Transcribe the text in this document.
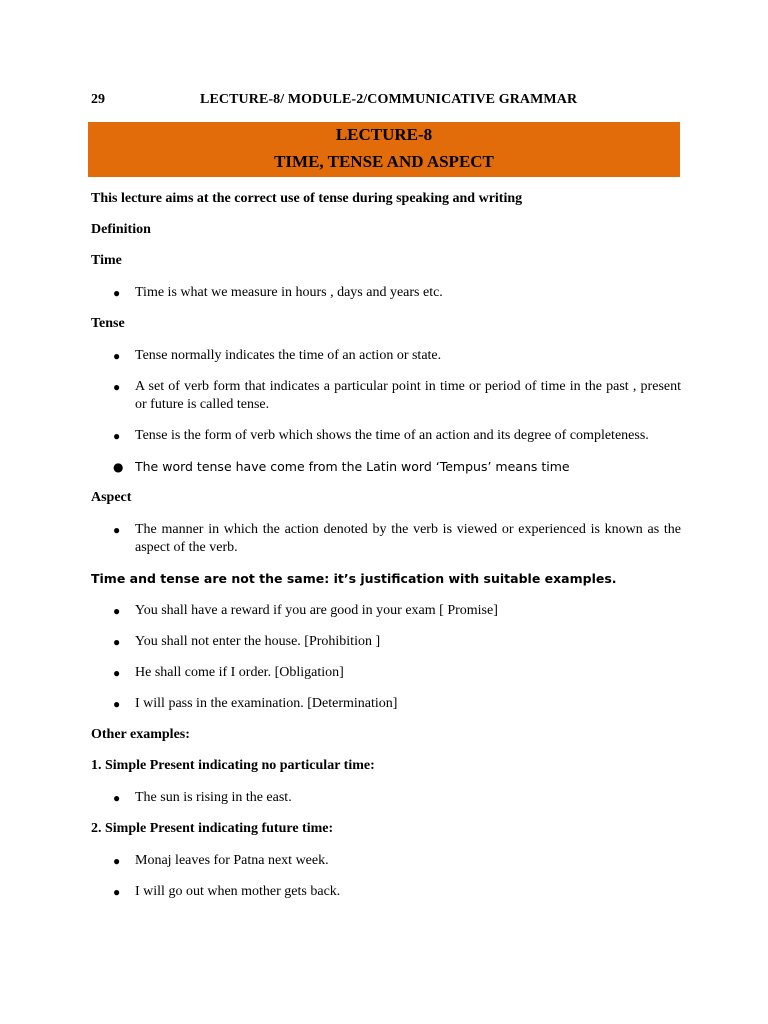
29	LECTURE-8/ MODULE-2/COMMUNICATIVE GRAMMAR
LECTURE-8
TIME, TENSE AND ASPECT

This lecture aims at the correct use of tense during speaking and writing

Definition

Time

● Time is what we measure in hours , days and years etc.

Tense

● Tense normally indicates the time of an action or state.
● A set of verb form that indicates a particular point in time or period of time in the past , present or future is called tense.
● Tense is the form of verb which shows the time of an action and its degree of completeness.
● The word tense have come from the Latin word ‘Tempus’ means time

Aspect

● The manner in which the action denoted by the verb is viewed or experienced is known as the aspect of the verb.

Time and tense are not the same: it’s justification with suitable examples.

● You shall have a reward if you are good in your exam [ Promise]
● You shall not enter the house. [Prohibition ]
● He shall come if I order. [Obligation]
● I will pass in the examination. [Determination]

Other examples:

1. Simple Present indicating no particular time:

● The sun is rising in the east.

2. Simple Present indicating future time:

● Monaj leaves for Patna next week.
● I will go out when mother gets back.
